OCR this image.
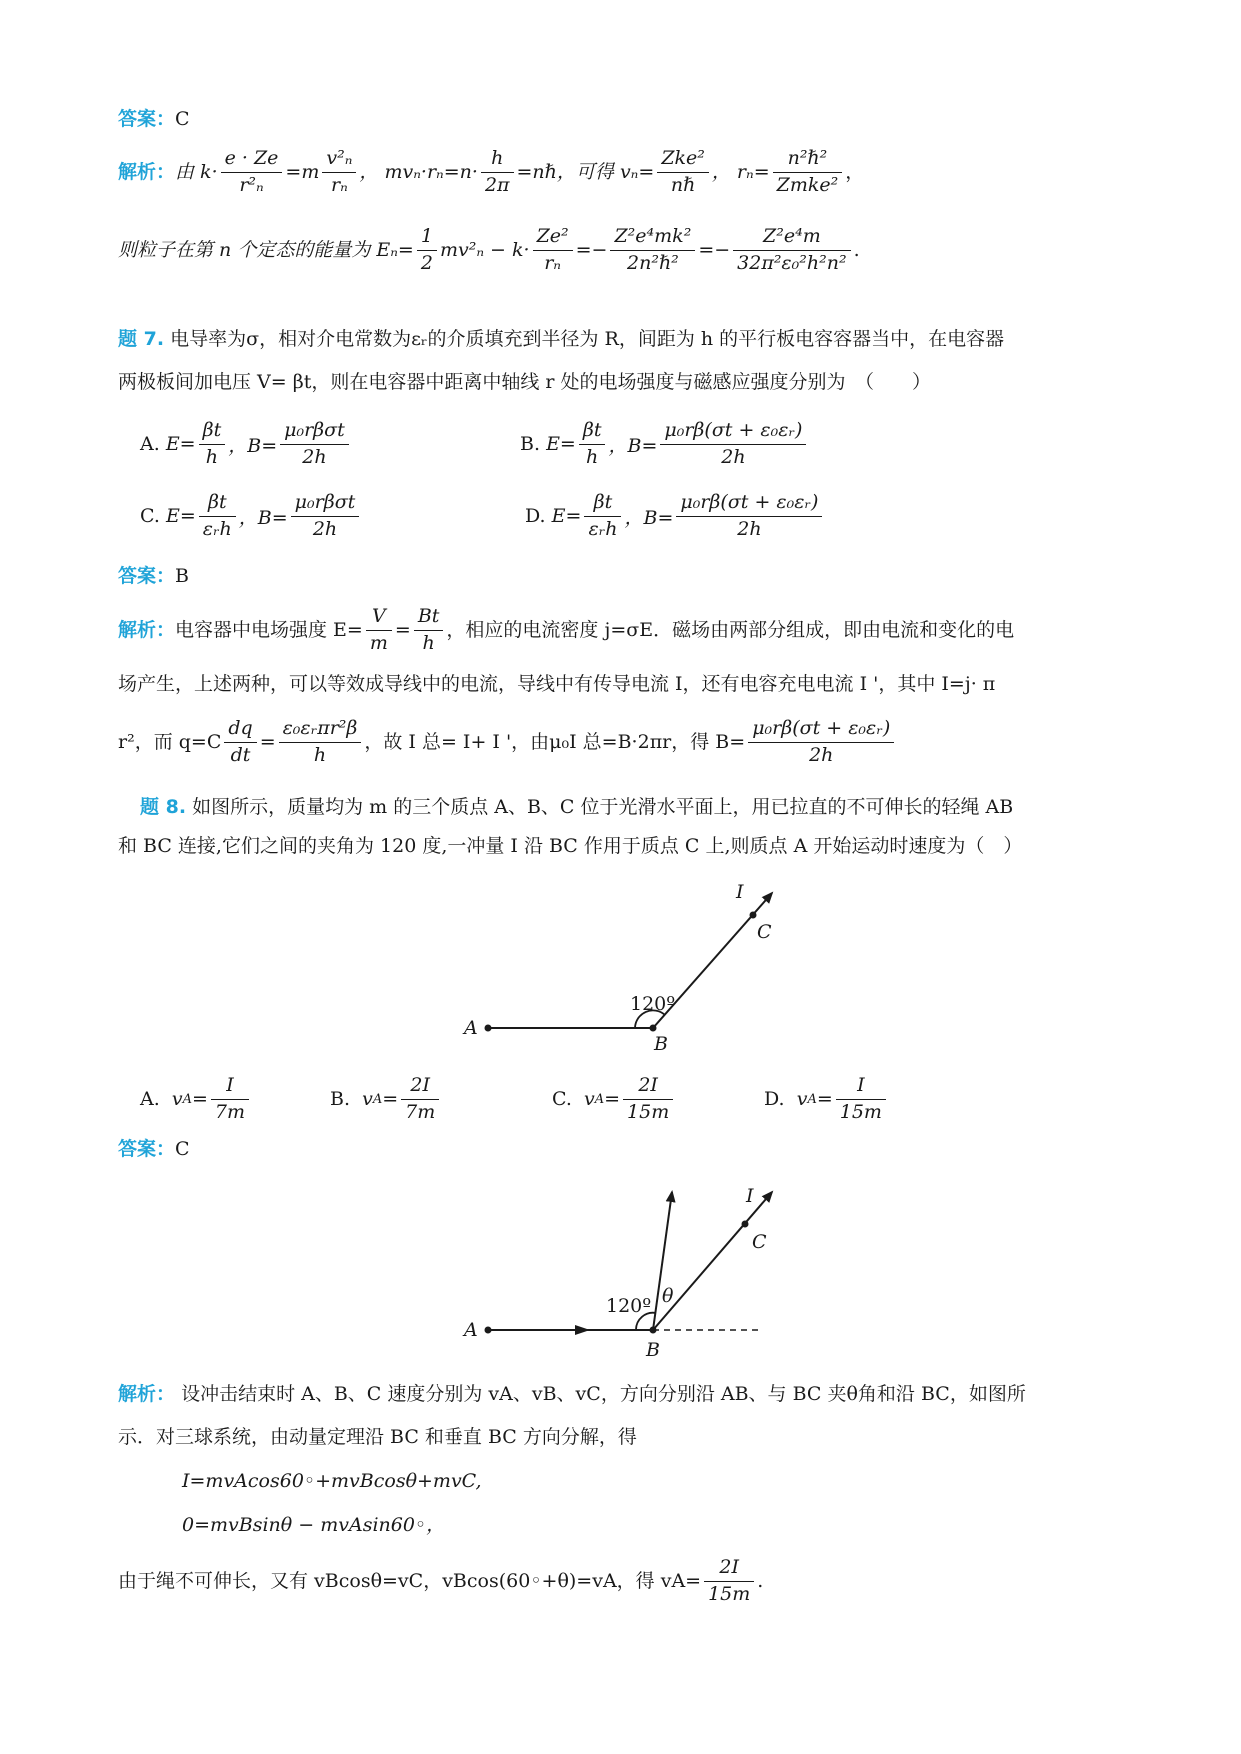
答案：C
解析： 由 $k\cdot \frac{e \cdot Ze}{\text{r²ₙ}} =m \frac{\text{v²ₙ}}{\text{rₙ}}$ ， $mv_n\cdot r_n=n\cdot \frac{h}{2\pi}$ =nℏ，可得 $v_n= \frac{\text{Zke²}}{\text{nℏ}}$ ， $r_n= \frac{\text{n²ℏ²}}{\text{Zmke²}}$ ，
则粒子在第 n 个定态的能量为 $E_n= \frac{1}{2} mv^2_n - k\cdot \frac{\text{Ze²}}{\text{rₙ}} =- \frac{\text{Z²e⁴mk²}}{\text{2n²ℏ²}} =- \frac{\text{Z²e⁴m}}{\text{32π²ε₀²h²n²}}$ .
题 7. 电导率为σ，相对介电常数为εᵣ的介质填充到半径为 R，间距为 h 的平行板电容容器当中，在电容器
两极板间加电压 V= βt，则在电容器中距离中轴线 r 处的电场强度与磁感应强度分别为　（　　）
A.
$E= \frac{\beta t}{h}$ ，$B= \frac{\text{μ₀rβσt}}{2h}$	B.
$E= \frac{\beta t}{h}$ ，$B= \frac{\text{μ₀rβ(σt + ε₀εᵣ)}}{2h}$
C.
$E= \frac{\beta t}{\text{εᵣh}}$ ，$B= \frac{\text{μ₀rβσt}}{2h}$	D.
$E= \frac{\beta t}{\text{εᵣh}}$ ，$B= \frac{\text{μ₀rβ(σt + ε₀εᵣ)}}{2h}$
答案：B
解析： 电容器中电场强度 $E= \frac{V}{m} = \frac{Bt}{h}$ ，相应的电流密度 j=σE．磁场由两部分组成，即由电流和变化的电
场产生，上述两种，可以等效成导线中的电流，导线中有传导电流 I，还有电容充电电流 I '，其中 I=j· π
r²，而 $q=C \frac{dq}{dt} = \frac{\text{ε₀εᵣπr²β}}{h}$ ，故 I 总= I+ I '，由μ₀I 总=B·2πr，得 $B= \frac{\text{μ₀rβ(σt + ε₀εᵣ)}}{2h}$
题 8. 如图所示，质量均为 m 的三个质点 A、B、C 位于光滑水平面上，用已拉直的不可伸长的轻绳 AB
和 BC 连接,它们之间的夹角为 120 度,一冲量 I 沿 BC 作用于质点 C 上,则质点 A 开始运动时速度为（　）
I
C
120º
A
B
A.
v $A = \frac{I}{7m}$	B.
v $A = \frac{2I}{7m}$	C.
v $A = \frac{2I}{15m}$	D.
v $A = \frac{I}{15m}$
答案：C
I
C
120º θ
A
B
解析： 设冲击结束时 A、B、C 速度分别为 vA、vB、vC，方向分别沿 AB、与 BC 夹θ角和沿 BC，如图所
示．对三球系统，由动量定理沿 BC 和垂直 BC 方向分解，得
I=mvAcos60◦+mvBcosθ+mvC,
0=mvBsinθ − mvAsin60◦，
由于绳不可伸长，又有 vBcosθ=vC，vBcos(60◦+θ)=vA，得 $vA= \frac{2I}{15m}$ .
